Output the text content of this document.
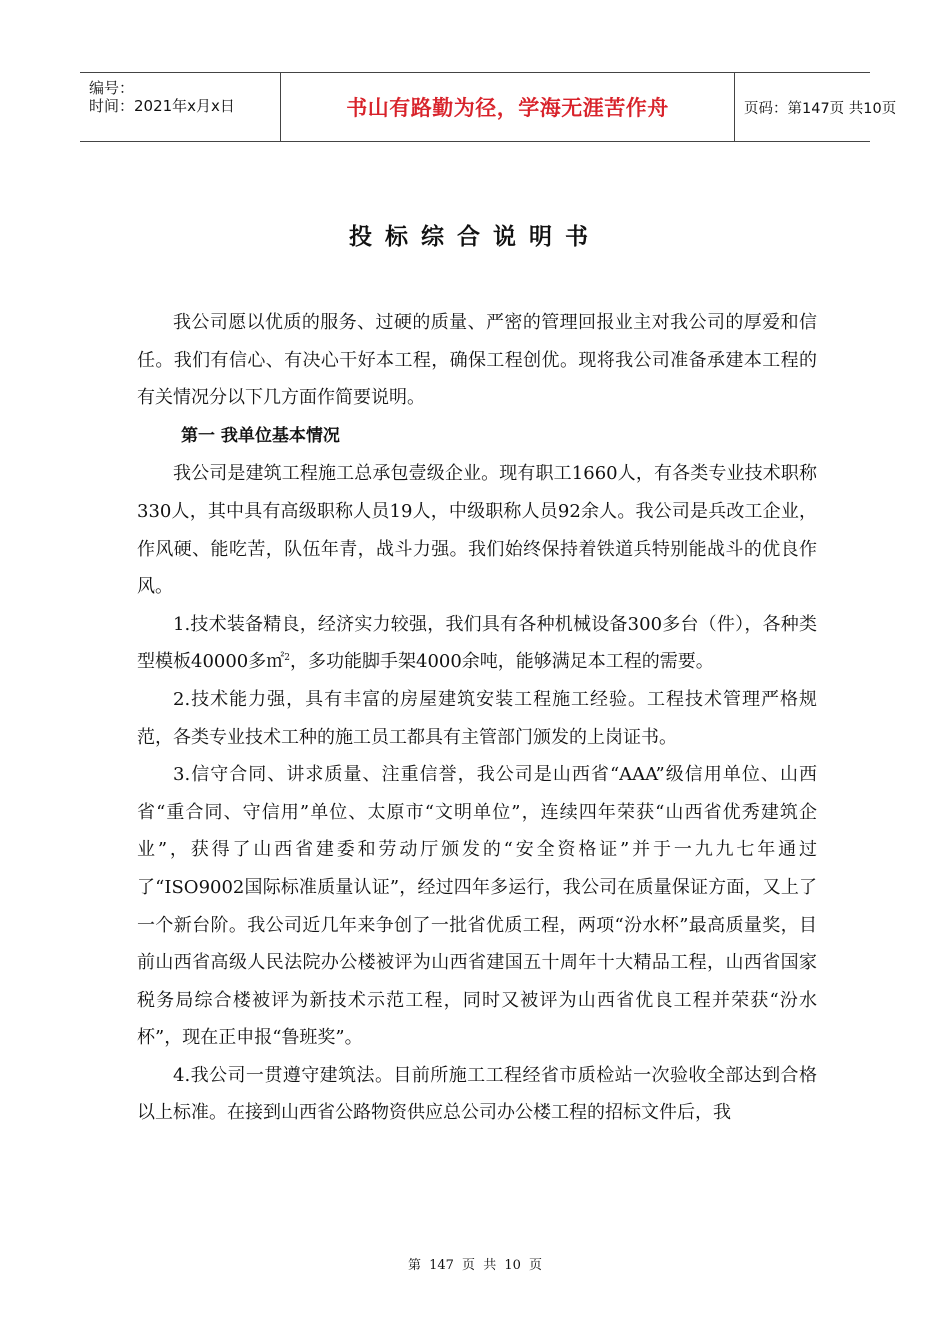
编号：
时间：2021年x月x日	书山有路勤为径，学海无涯苦作舟	页码：第147页 共10页
投标综合说明书

我公司愿以优质的服务、过硬的质量、严密的管理回报业主对我公司的厚爱和信任。我们有信心、有决心干好本工程，确保工程创优。现将我公司准备承建本工程的有关情况分以下几方面作简要说明。

第一 我单位基本情况

我公司是建筑工程施工总承包壹级企业。现有职工1660人，有各类专业技术职称330人，其中具有高级职称人员19人，中级职称人员92余人。我公司是兵改工企业，作风硬、能吃苦，队伍年青，战斗力强。我们始终保持着铁道兵特别能战斗的优良作风。

1.技术装备精良，经济实力较强，我们具有各种机械设备300多台（件），各种类型模板40000多㎡$^2$，多功能脚手架4000余吨，能够满足本工程的需要。

2.技术能力强，具有丰富的房屋建筑安装工程施工经验。工程技术管理严格规范，各类专业技术工种的施工员工都具有主管部门颁发的上岗证书。

3.信守合同、讲求质量、注重信誉，我公司是山西省“AAA”级信用单位、山西省“重合同、守信用”单位、太原市“文明单位”，连续四年荣获“山西省优秀建筑企业”，获得了山西省建委和劳动厅颁发的“安全资格证”并于一九九七年通过了“ISO9002国际标准质量认证”，经过四年多运行，我公司在质量保证方面，又上了一个新台阶。我公司近几年来争创了一批省优质工程，两项“汾水杯”最高质量奖，目前山西省高级人民法院办公楼被评为山西省建国五十周年十大精品工程，山西省国家税务局综合楼被评为新技术示范工程，同时又被评为山西省优良工程并荣获“汾水杯”，现在正申报“鲁班奖”。

4.我公司一贯遵守建筑法。目前所施工工程经省市质检站一次验收全部达到合格以上标准。在接到山西省公路物资供应总公司办公楼工程的招标文件后，我

第 147 页 共 10 页
